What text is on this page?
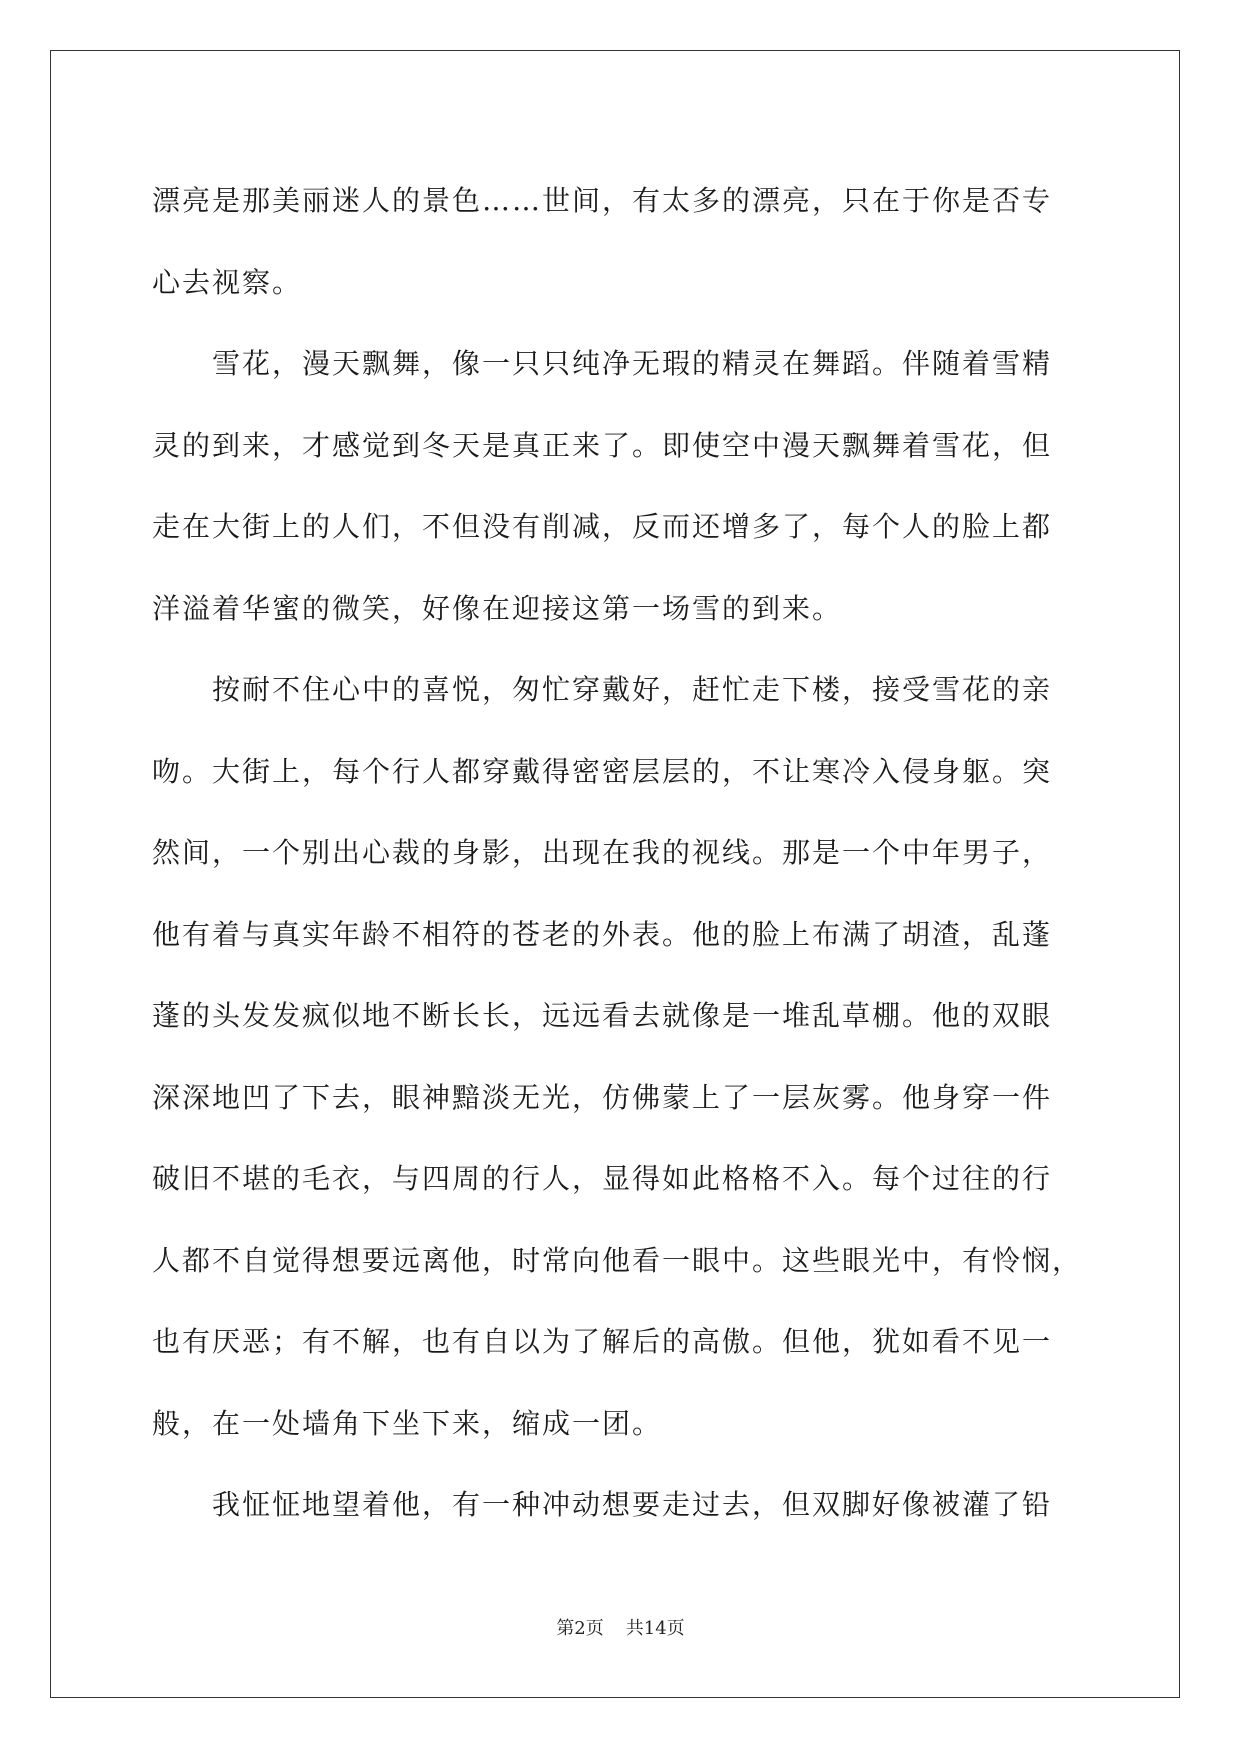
漂亮是那美丽迷人的景色……世间，有太多的漂亮，只在于你是否专
心去视察。
雪花，漫天飘舞，像一只只纯净无瑕的精灵在舞蹈。伴随着雪精
灵的到来，才感觉到冬天是真正来了。即使空中漫天飘舞着雪花，但
走在大街上的人们，不但没有削减，反而还增多了，每个人的脸上都
洋溢着华蜜的微笑，好像在迎接这第一场雪的到来。
按耐不住心中的喜悦，匆忙穿戴好，赶忙走下楼，接受雪花的亲
吻。大街上，每个行人都穿戴得密密层层的，不让寒冷入侵身躯。突
然间，一个别出心裁的身影，出现在我的视线。那是一个中年男子，
他有着与真实年龄不相符的苍老的外表。他的脸上布满了胡渣，乱蓬
蓬的头发发疯似地不断长长，远远看去就像是一堆乱草棚。他的双眼
深深地凹了下去，眼神黯淡无光，仿佛蒙上了一层灰雾。他身穿一件
破旧不堪的毛衣，与四周的行人，显得如此格格不入。每个过往的行
人都不自觉得想要远离他，时常向他看一眼中。这些眼光中，有怜悯，
也有厌恶；有不解，也有自以为了解后的高傲。但他，犹如看不见一
般，在一处墙角下坐下来，缩成一团。
我怔怔地望着他，有一种冲动想要走过去，但双脚好像被灌了铅
第2页 共14页
